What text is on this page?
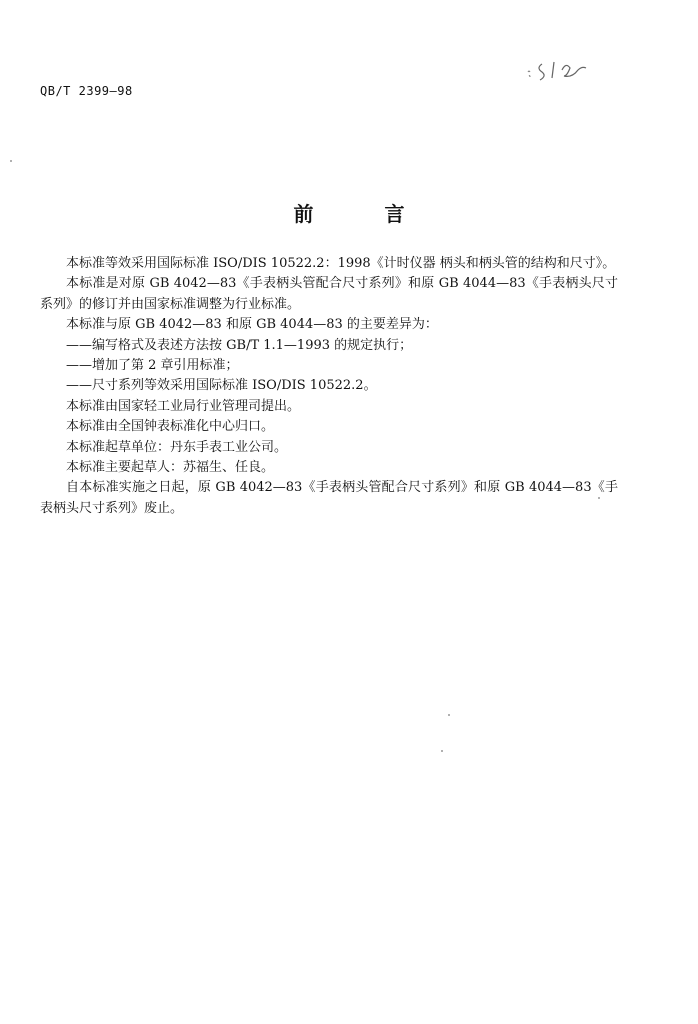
QB/T 2399—98
前 言

本标准等效采用国际标准 ISO/DIS 10522.2：1998《计时仪器 柄头和柄头管的结构和尺寸》。

本标准是对原 GB 4042—83《手表柄头管配合尺寸系列》和原 GB 4044—83《手表柄头尺寸系列》的修订并由国家标准调整为行业标准。

本标准与原 GB 4042—83 和原 GB 4044—83 的主要差异为：

——编写格式及表述方法按 GB/T 1.1—1993 的规定执行；

——增加了第 2 章引用标准；

——尺寸系列等效采用国际标准 ISO/DIS 10522.2。

本标准由国家轻工业局行业管理司提出。

本标准由全国钟表标准化中心归口。

本标准起草单位：丹东手表工业公司。

本标准主要起草人：苏福生、任良。

自本标准实施之日起，原 GB 4042—83《手表柄头管配合尺寸系列》和原 GB 4044—83《手表柄头尺寸系列》废止。
